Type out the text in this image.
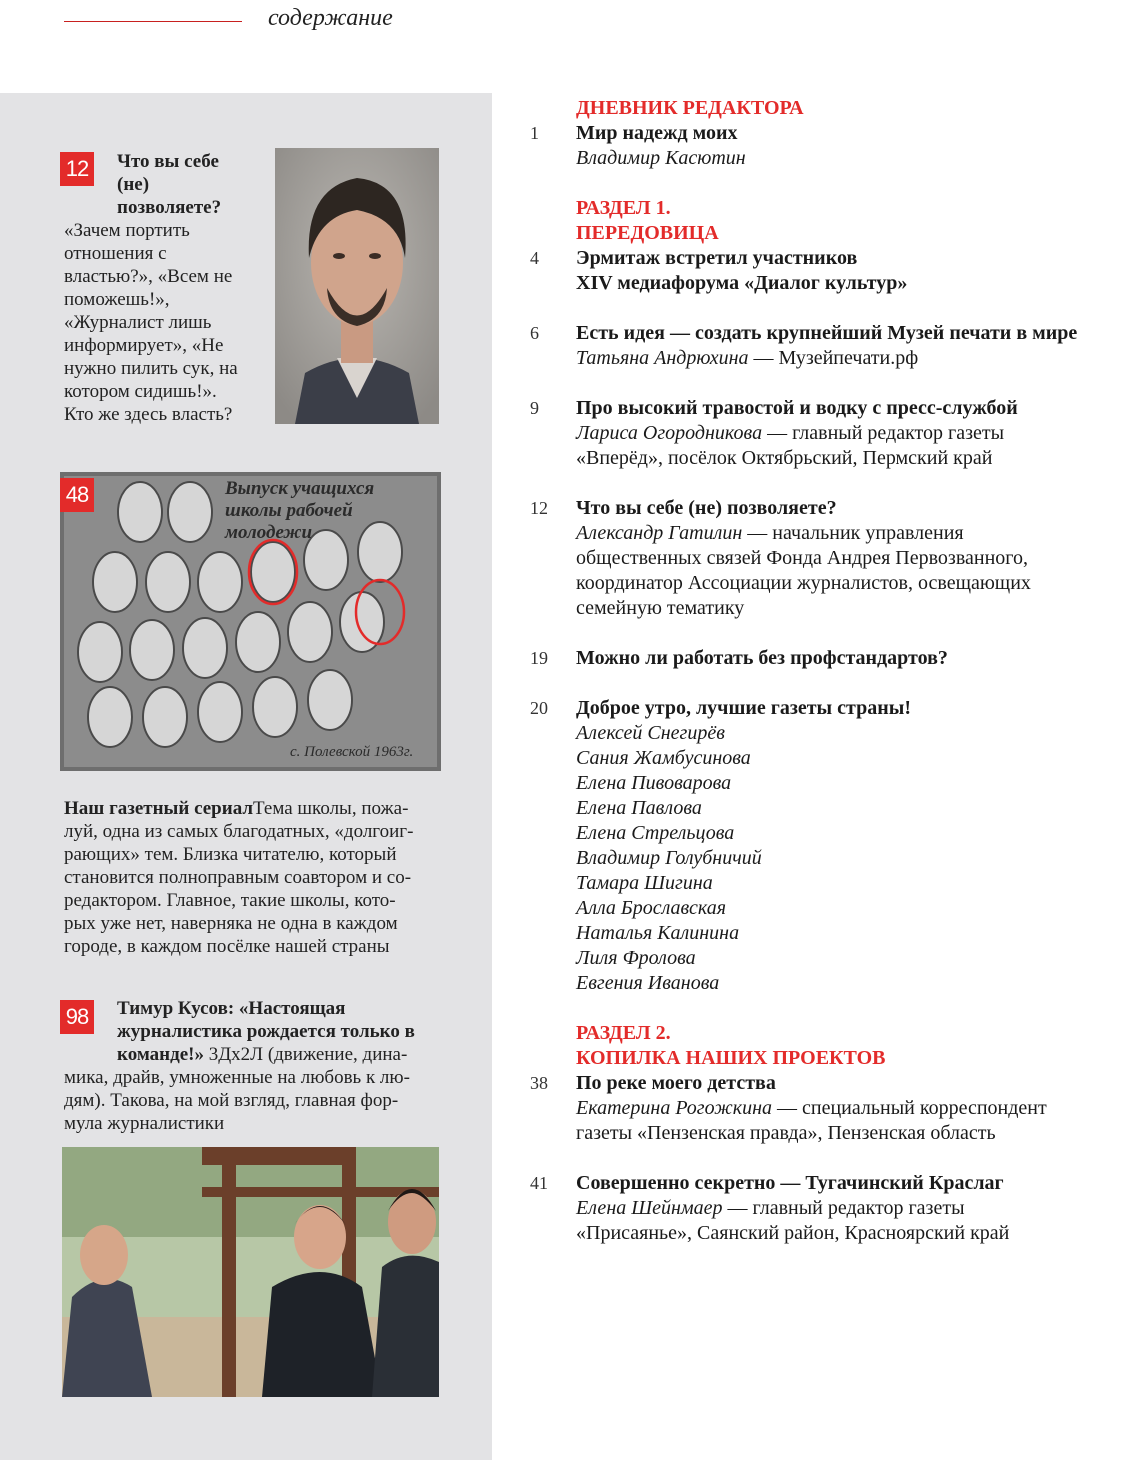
содержание
12	Что вы себе
(не)
позволяете?
«Зачем портить
отношения с
властью?», «Всем не
поможешь!»,
«Журналист лишь
информирует», «Не
нужно пилить сук, на
котором сидишь!».
Кто же здесь власть?
Выпуск учащихся школы рабочей молодежи
с. Полевской 1963г.
48
Наш газетный сериалТема школы, пожа-
луй, одна из самых благодатных, «долгоиг-
рающих» тем. Близка читателю, который
становится полноправным соавтором и со-
редактором. Главное, такие школы, кото-
рых уже нет, наверняка не одна в каждом
городе, в каждом посёлке нашей страны
98	Тимур Кусов: «Настоящая
журналистика рождается только в
команде!» 3Дх2Л (движение, дина-
мика, драйв, умноженные на любовь к лю-
дям). Такова, на мой взгляд, главная фор-
мула журналистики
ДНЕВНИК РЕДАКТОРА
1	Мир надежд моих
Владимир Касютин
РАЗДЕЛ 1.
ПЕРЕДОВИЦА
4	Эрмитаж встретил участников
XIV медиафорума «Диалог культур»
6	Есть идея — создать крупнейший Музей печати в мире
Татьяна Андрюхина — Музейпечати.рф
9	Про высокий травостой и водку с пресс-службой
Лариса Огородникова — главный редактор газеты
«Вперёд», посёлок Октябрьский, Пермский край
12	Что вы себе (не) позволяете?
Александр Гатилин — начальник управления
общественных связей Фонда Андрея Первозванного,
координатор Ассоциации журналистов, освещающих
семейную тематику
19	Можно ли работать без профстандартов?
20	Доброе утро, лучшие газеты страны!
Алексей Снегирёв
Сания Жамбусинова
Елена Пивоварова
Елена Павлова
Елена Стрельцова
Владимир Голубничий
Тамара Шигина
Алла Брославская
Наталья Калинина
Лиля Фролова
Евгения Иванова
РАЗДЕЛ 2.
КОПИЛКА НАШИХ ПРОЕКТОВ
38	По реке моего детства
Екатерина Рогожкина — специальный корреспондент
газеты «Пензенская правда», Пензенская область
41	Совершенно секретно — Тугачинский Краслаг
Елена Шейнмаер — главный редактор газеты
«Присаянье», Саянский район, Красноярский край
